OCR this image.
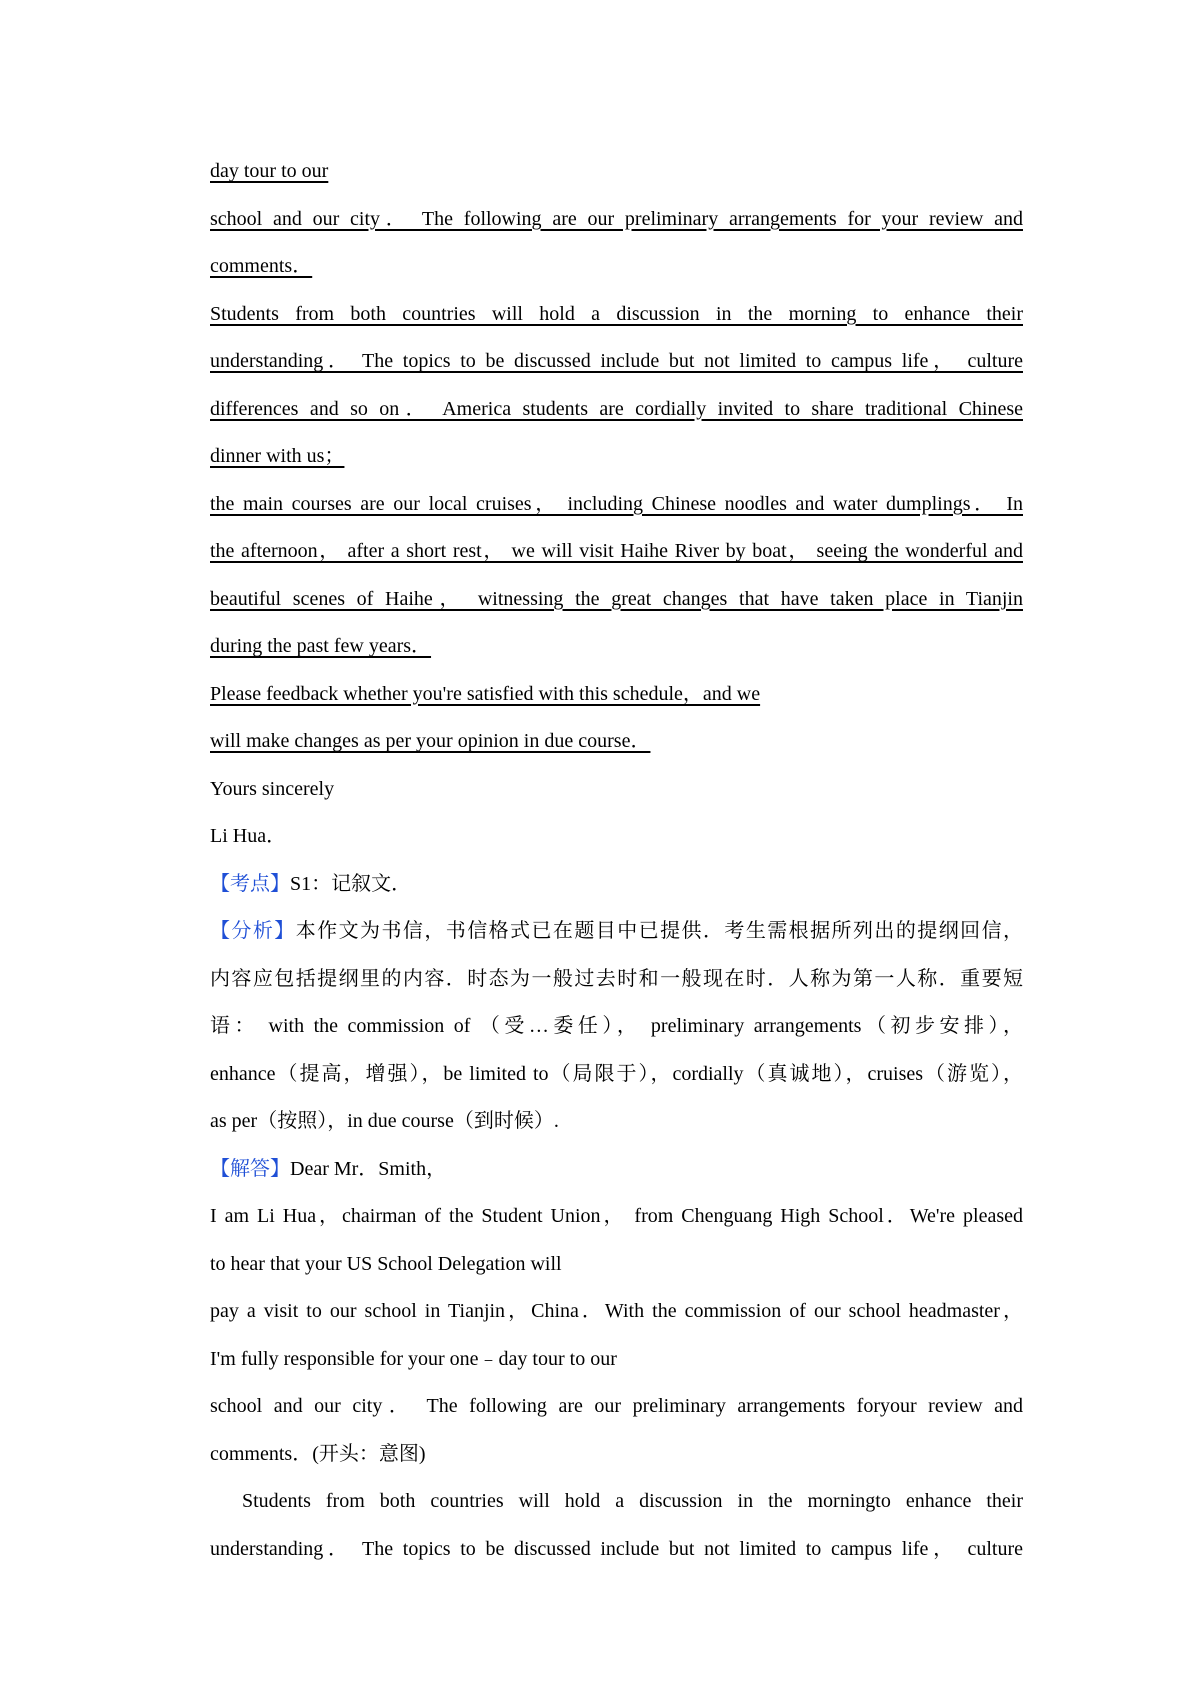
day tour to our
school and our city． The following are our preliminary arrangements for your review and
comments．
Students from both countries will hold a discussion in the morning to enhance their
understanding． The topics to be discussed include but not limited to campus life， culture
differences and so on． America students are cordially invited to share traditional Chinese
dinner with us；
the main courses are our local cruises， including Chinese noodles and water dumplings． In
the afternoon， after a short rest， we will visit Haihe River by boat， seeing the wonderful and
beautiful scenes of Haihe， witnessing the great changes that have taken place in Tianjin
during the past few years．
Please feedback whether you're satisfied with this schedule，and we
will make changes as per your opinion in due course．
Yours sincerely
Li Hua．
【考点】S1：记叙文．
【分析】本作文为书信，书信格式已在题目中已提供．考生需根据所列出的提纲回信，
内容应包括提纲里的内容．时态为一般过去时和一般现在时．人称为第一人称．重要短
语： with the commission of （受…委任）， preliminary arrangements（初步安排），
enhance（提高，增强），be limited to（局限于），cordially（真诚地），cruises（游览），
as per（按照），in due course（到时候）.
【解答】Dear Mr．Smith，
I am Li Hua，chairman of the Student Union， from Chenguang High School．We're pleased
to hear that your US School Delegation will
pay a visit to our school in Tianjin，China．With the commission of our school headmaster，
I'm fully responsible for your one﹣day tour to our
school and our city． The following are our preliminary arrangements foryour review and
comments．(开头：意图)
Students from both countries will hold a discussion in the morningto enhance their
understanding． The topics to be discussed include but not limited to campus life， culture
